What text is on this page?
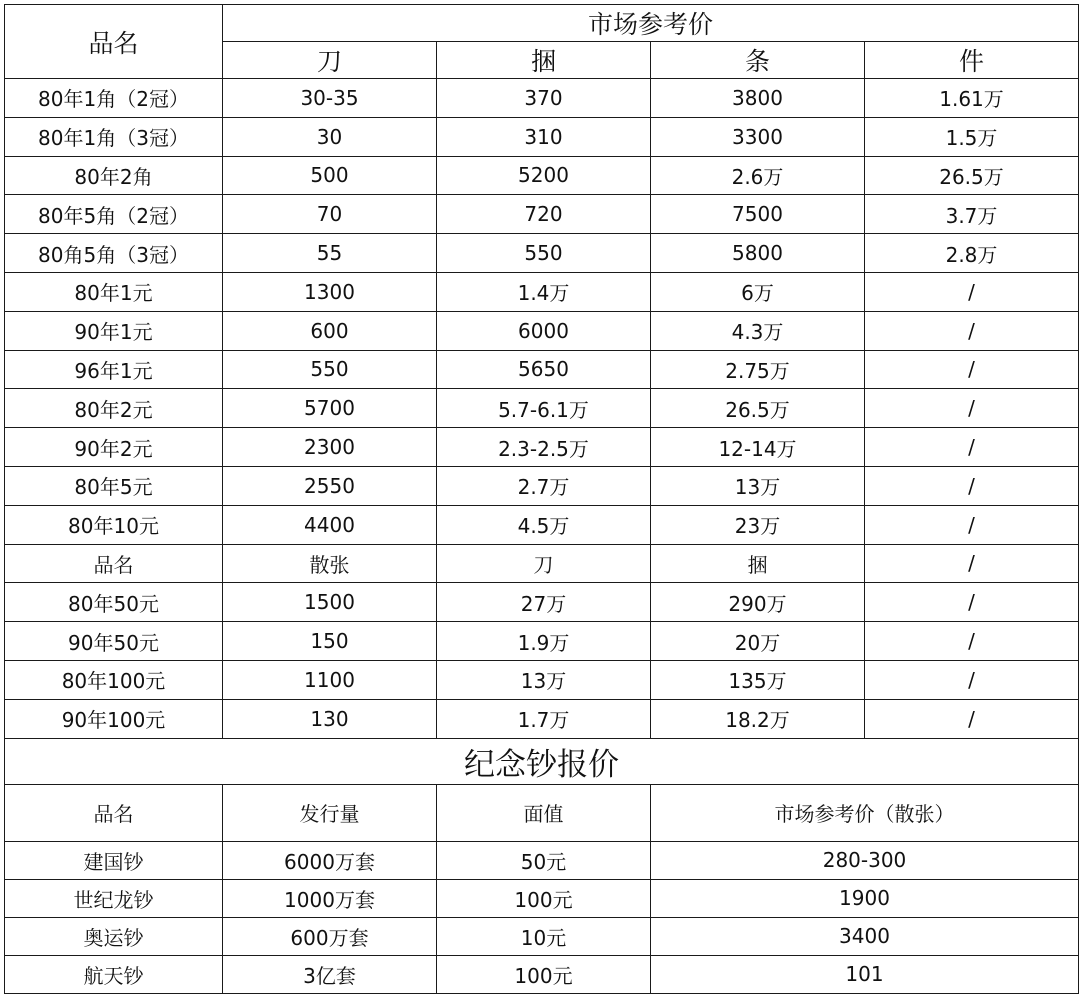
品名	市场参考价			
	刀	捆	条	件
80年1角（2冠）	30-35	370	3800	1.61万
80年1角（3冠）	30	310	3300	1.5万
80年2角	500	5200	2.6万	26.5万
80年5角（2冠）	70	720	7500	3.7万
80角5角（3冠）	55	550	5800	2.8万
80年1元	1300	1.4万	6万	/
90年1元	600	6000	4.3万	/
96年1元	550	5650	2.75万	/
80年2元	5700	5.7-6.1万	26.5万	/
90年2元	2300	2.3-2.5万	12-14万	/
80年5元	2550	2.7万	13万	/
80年10元	4400	4.5万	23万	/
品名	散张	刀	捆	/
80年50元	1500	27万	290万	/
90年50元	150	1.9万	20万	/
80年100元	1100	13万	135万	/
90年100元	130	1.7万	18.2万	/
纪念钞报价				
品名	发行量	面值	市场参考价（散张）	
建国钞	6000万套	50元	280-300	
世纪龙钞	1000万套	100元	1900	
奥运钞	600万套	10元	3400	
航天钞	3亿套	100元	101	
